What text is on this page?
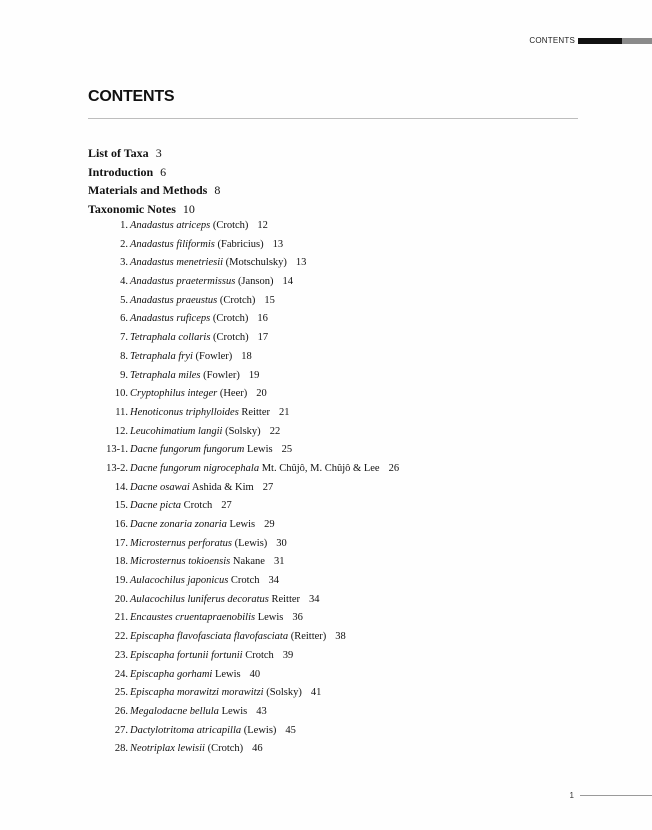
CONTENTS
CONTENTS
List of Taxa 3
Introduction 6
Materials and Methods 8
Taxonomic Notes 10
1. Anadastus atriceps (Crotch) 12
2. Anadastus filiformis (Fabricius) 13
3. Anadastus menetriesii (Motschulsky) 13
4. Anadastus praetermissus (Janson) 14
5. Anadastus praeustus (Crotch) 15
6. Anadastus ruficeps (Crotch) 16
7. Tetraphala collaris (Crotch) 17
8. Tetraphala fryi (Fowler) 18
9. Tetraphala miles (Fowler) 19
10. Cryptophilus integer (Heer) 20
11. Henoticonus triphylloides Reitter 21
12. Leucohimatium langii (Solsky) 22
13-1. Dacne fungorum fungorum Lewis 25
13-2. Dacne fungorum nigrocephala Mt. Chûjô, M. Chûjô & Lee 26
14. Dacne osawai Ashida & Kim 27
15. Dacne picta Crotch 27
16. Dacne zonaria zonaria Lewis 29
17. Microsternus perforatus (Lewis) 30
18. Microsternus tokioensis Nakane 31
19. Aulacochilus japonicus Crotch 34
20. Aulacochilus luniferus decoratus Reitter 34
21. Encaustes cruentapraenobilis Lewis 36
22. Episcapha flavofasciata flavofasciata (Reitter) 38
23. Episcapha fortunii fortunii Crotch 39
24. Episcapha gorhami Lewis 40
25. Episcapha morawitzi morawitzi (Solsky) 41
26. Megalodacne bellula Lewis 43
27. Dactylotritoma atricapilla (Lewis) 45
28. Neotriplax lewisii (Crotch) 46
1
